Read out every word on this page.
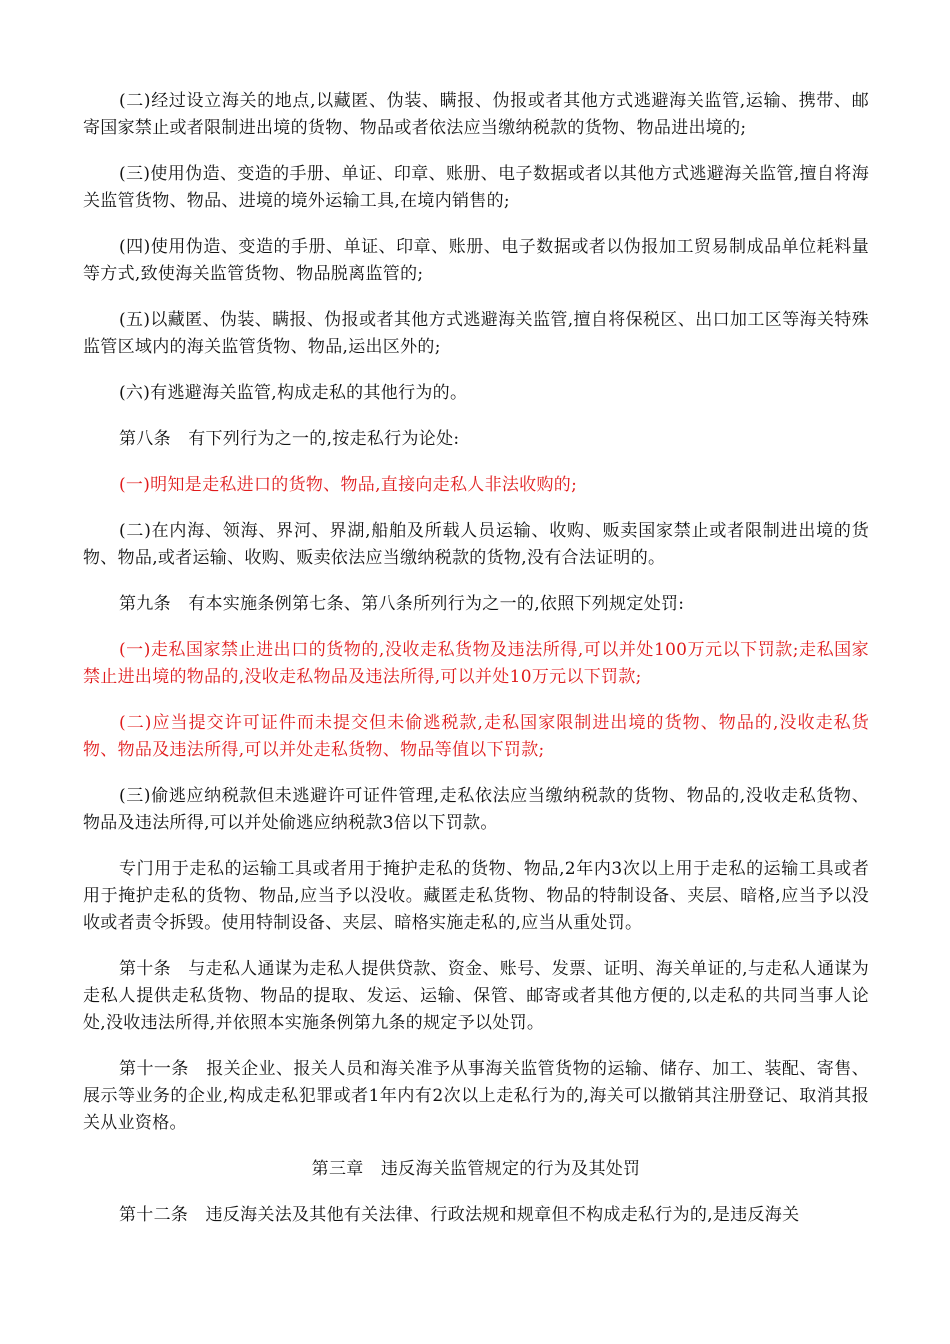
(二)经过设立海关的地点,以藏匿、伪装、瞒报、伪报或者其他方式逃避海关监管,运输、携带、邮寄国家禁止或者限制进出境的货物、物品或者依法应当缴纳税款的货物、物品进出境的;

(三)使用伪造、变造的手册、单证、印章、账册、电子数据或者以其他方式逃避海关监管,擅自将海关监管货物、物品、进境的境外运输工具,在境内销售的;

(四)使用伪造、变造的手册、单证、印章、账册、电子数据或者以伪报加工贸易制成品单位耗料量等方式,致使海关监管货物、物品脱离监管的;

(五)以藏匿、伪装、瞒报、伪报或者其他方式逃避海关监管,擅自将保税区、出口加工区等海关特殊监管区域内的海关监管货物、物品,运出区外的;

(六)有逃避海关监管,构成走私的其他行为的。

第八条　有下列行为之一的,按走私行为论处:

(一)明知是走私进口的货物、物品,直接向走私人非法收购的;

(二)在内海、领海、界河、界湖,船舶及所载人员运输、收购、贩卖国家禁止或者限制进出境的货物、物品,或者运输、收购、贩卖依法应当缴纳税款的货物,没有合法证明的。

第九条　有本实施条例第七条、第八条所列行为之一的,依照下列规定处罚:

(一)走私国家禁止进出口的货物的,没收走私货物及违法所得,可以并处100万元以下罚款;走私国家禁止进出境的物品的,没收走私物品及违法所得,可以并处10万元以下罚款;

(二)应当提交许可证件而未提交但未偷逃税款,走私国家限制进出境的货物、物品的,没收走私货物、物品及违法所得,可以并处走私货物、物品等值以下罚款;

(三)偷逃应纳税款但未逃避许可证件管理,走私依法应当缴纳税款的货物、物品的,没收走私货物、物品及违法所得,可以并处偷逃应纳税款3倍以下罚款。

专门用于走私的运输工具或者用于掩护走私的货物、物品,2年内3次以上用于走私的运输工具或者用于掩护走私的货物、物品,应当予以没收。藏匿走私货物、物品的特制设备、夹层、暗格,应当予以没收或者责令拆毁。使用特制设备、夹层、暗格实施走私的,应当从重处罚。

第十条　与走私人通谋为走私人提供贷款、资金、账号、发票、证明、海关单证的,与走私人通谋为走私人提供走私货物、物品的提取、发运、运输、保管、邮寄或者其他方便的,以走私的共同当事人论处,没收违法所得,并依照本实施条例第九条的规定予以处罚。

第十一条　报关企业、报关人员和海关准予从事海关监管货物的运输、储存、加工、装配、寄售、展示等业务的企业,构成走私犯罪或者1年内有2次以上走私行为的,海关可以撤销其注册登记、取消其报关从业资格。

第三章　违反海关监管规定的行为及其处罚

第十二条　违反海关法及其他有关法律、行政法规和规章但不构成走私行为的,是违反海关
